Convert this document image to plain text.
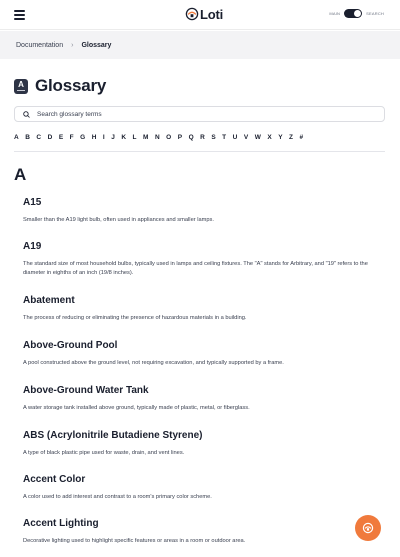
Loti	MAIN	SEARCH
Documentation › Glossary
A Glossary
Search glossary terms
A B C D E F G H I J K L M N O P Q R S T U V W X Y Z #
A
A15
Smaller than the A19 light bulb, often used in appliances and smaller lamps.
A19
The standard size of most household bulbs, typically used in lamps and ceiling fixtures. The "A" stands for Arbitrary, and "19" refers to the diameter in eighths of an inch (19/8 inches).
Abatement
The process of reducing or eliminating the presence of hazardous materials in a building.
Above-Ground Pool
A pool constructed above the ground level, not requiring excavation, and typically supported by a frame.
Above-Ground Water Tank
A water storage tank installed above ground, typically made of plastic, metal, or fiberglass.
ABS (Acrylonitrile Butadiene Styrene)
A type of black plastic pipe used for waste, drain, and vent lines.
Accent Color
A color used to add interest and contrast to a room's primary color scheme.
Accent Lighting
Decorative lighting used to highlight specific features or areas in a room or outdoor area.
